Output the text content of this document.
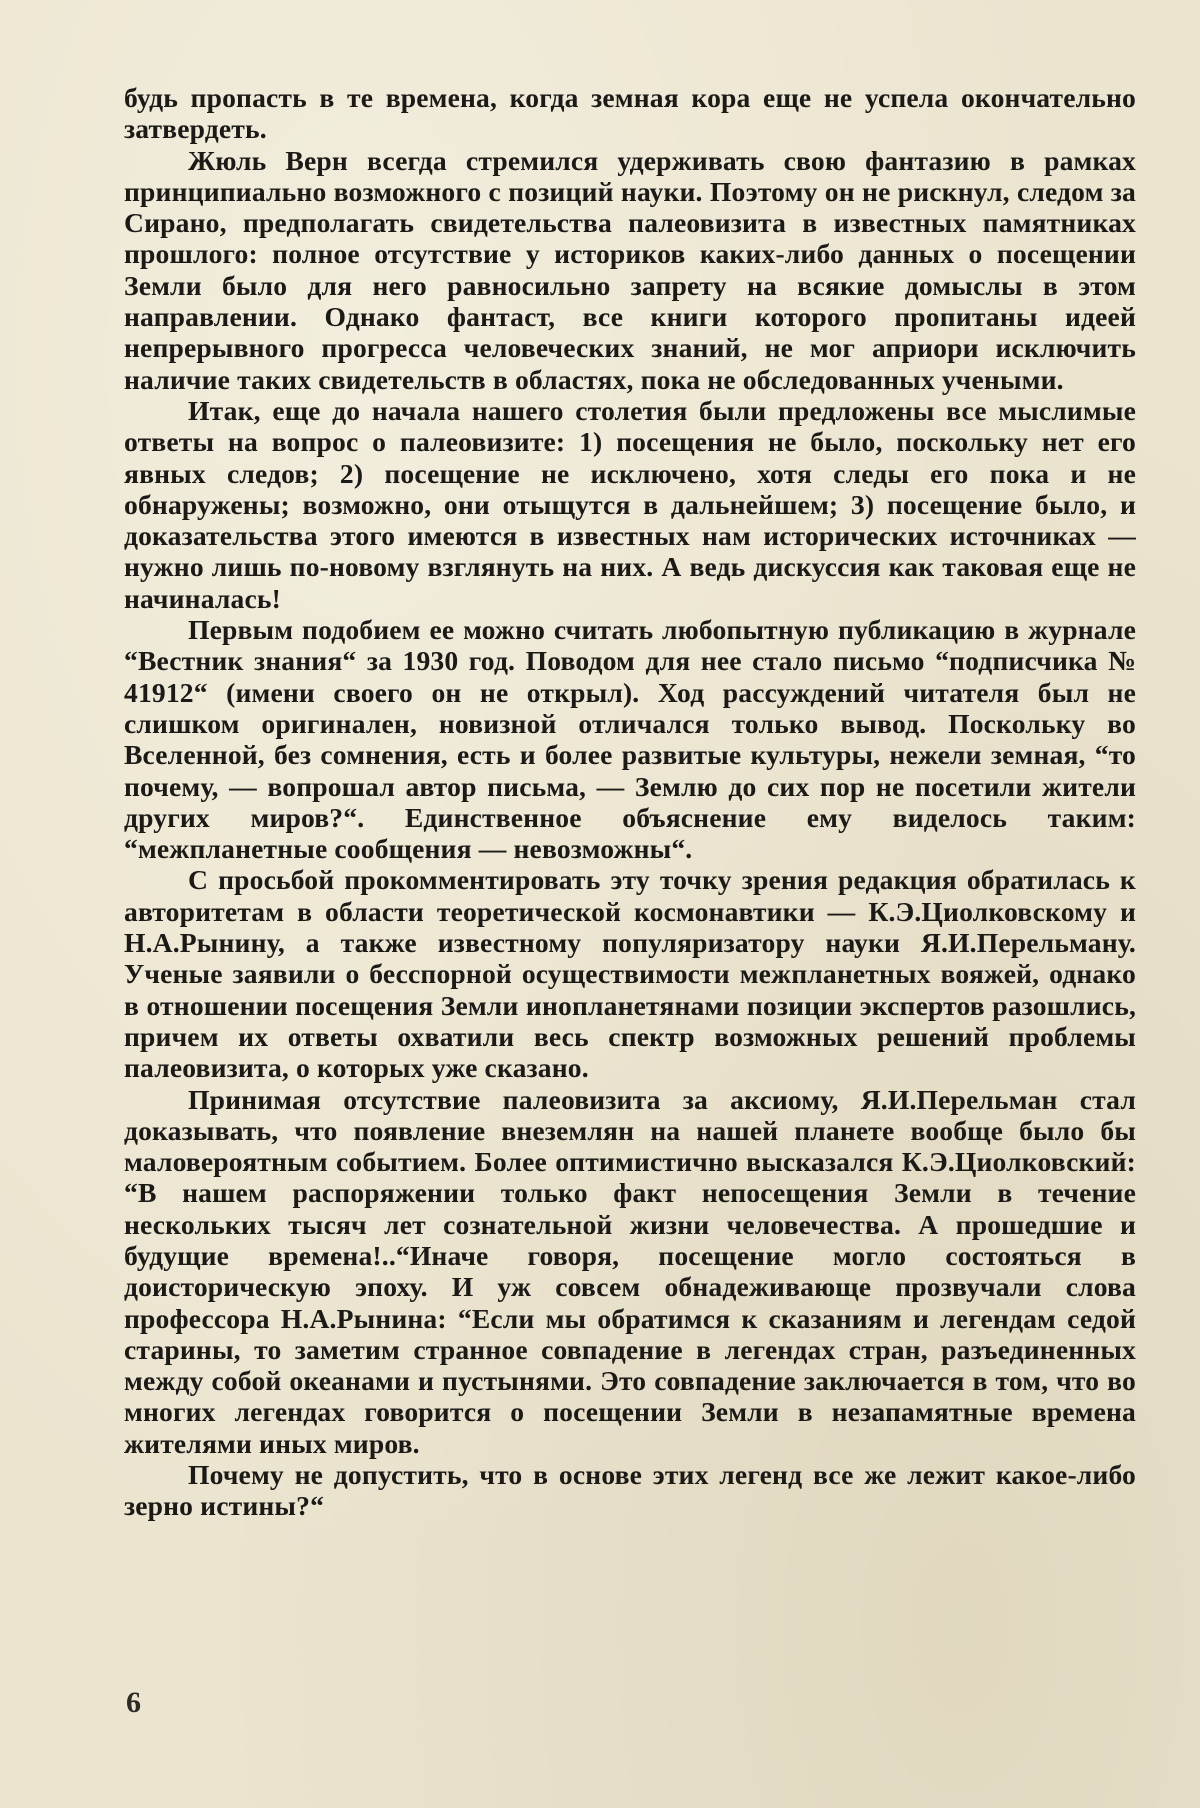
будь пропасть в те времена, когда земная кора еще не успела окончательно затвердеть.

Жюль Верн всегда стремился удерживать свою фантазию в рамках принципиально возможного с позиций науки. Поэтому он не рискнул, следом за Сирано, предполагать свидетельства палеовизита в известных памятниках прошлого: полное отсутствие у историков каких-либо данных о посещении Земли было для него равносильно запрету на всякие домыслы в этом направлении. Однако фантаст, все книги которого пропитаны идеей непрерывного прогресса человеческих знаний, не мог априори исключить наличие таких свидетельств в областях, пока не обследованных учеными.

Итак, еще до начала нашего столетия были предложены все мыслимые ответы на вопрос о палеовизите: 1) посещения не было, поскольку нет его явных следов; 2) посещение не исключено, хотя следы его пока и не обнаружены; возможно, они отыщутся в дальнейшем; 3) посещение было, и доказательства этого имеются в известных нам исторических источниках — нужно лишь по-новому взглянуть на них. А ведь дискуссия как таковая еще не начиналась!

Первым подобием ее можно считать любопытную публикацию в журнале “Вестник знания“ за 1930 год. Поводом для нее стало письмо “подписчика № 41912“ (имени своего он не открыл). Ход рассуждений читателя был не слишком оригинален, новизной отличался только вывод. Поскольку во Вселенной, без сомнения, есть и более развитые культуры, нежели земная, “то почему, — вопрошал автор письма, — Землю до сих пор не посетили жители других миров?“. Единственное объяснение ему виделось таким: “межпланетные сообщения — невозможны“.

С просьбой прокомментировать эту точку зрения редакция обратилась к авторитетам в области теоретической космонавтики — К.Э.Циолковскому и Н.А.Рынину, а также известному популяризатору науки Я.И.Перельману. Ученые заявили о бесспорной осуществимости межпланетных вояжей, однако в отношении посещения Земли инопланетянами позиции экспертов разошлись, причем их ответы охватили весь спектр возможных решений проблемы палеовизита, о которых уже сказано.

Принимая отсутствие палеовизита за аксиому, Я.И.Перельман стал доказывать, что появление внеземлян на нашей планете вообще было бы маловероятным событием. Более оптимистично высказался К.Э.Циолковский: “В нашем распоряжении только факт непосещения Земли в течение нескольких тысяч лет сознательной жизни человечества. А прошедшие и будущие времена!..“Иначе говоря, посещение могло состояться в доисторическую эпоху. И уж совсем обнадеживающе прозвучали слова профессора Н.А.Рынина: “Если мы обратимся к сказаниям и легендам седой старины, то заметим странное совпадение в легендах стран, разъединенных между собой океанами и пустынями. Это совпадение заключается в том, что во многих легендах говорится о посещении Земли в незапамятные времена жителями иных миров.

Почему не допустить, что в основе этих легенд все же лежит какое-либо зерно истины?“

6
